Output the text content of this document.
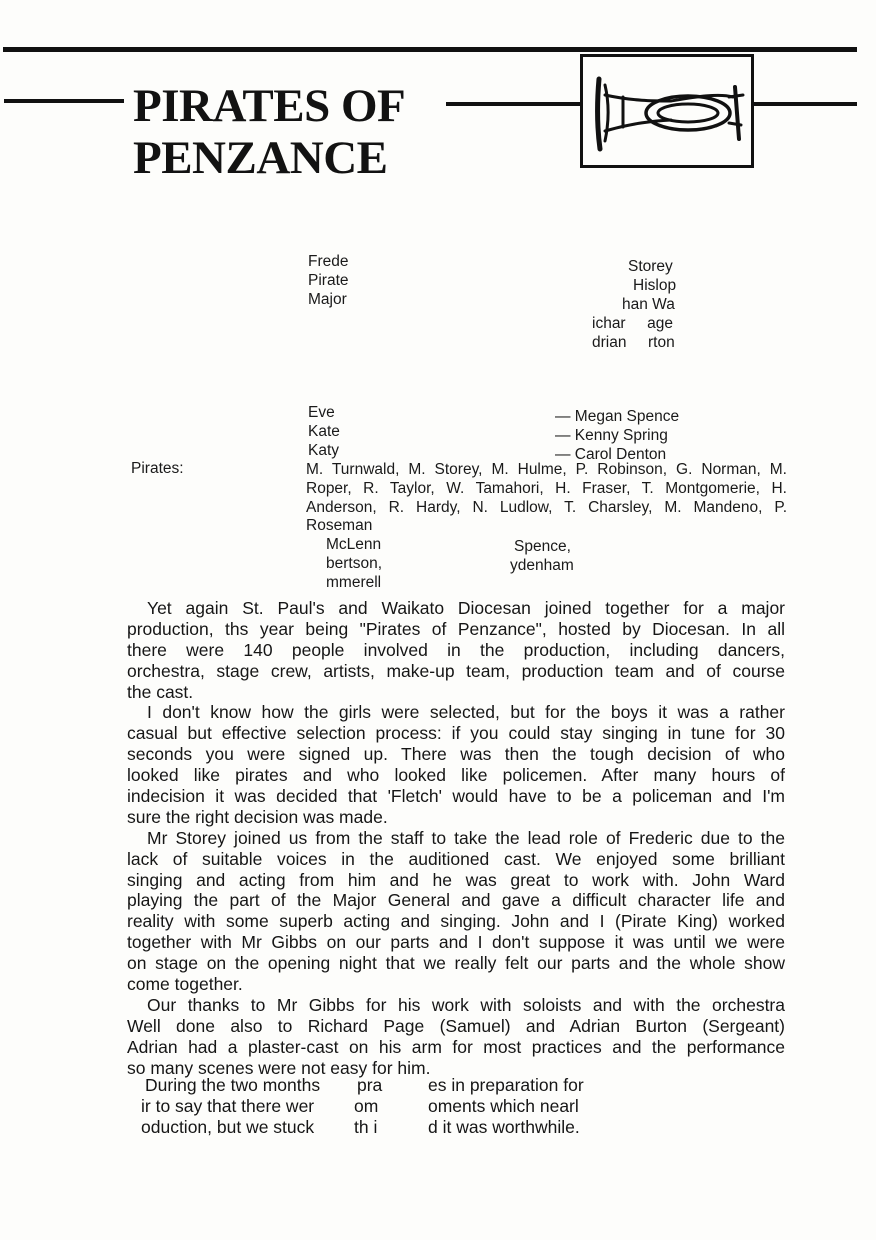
PIRATES OF
PENZANCE
Frede
Pirate
Major
Storey
Hislop
han Wa
ichar     age
drian     rton
Eve
Kate
Katy
— Megan Spence
— Kenny Spring
— Carol Denton
Pirates:	M. Turnwald, M. Storey, M. Hulme, P. Robinson, G. Norman, M.
Roper, R. Taylor, W. Tamahori, H. Fraser, T. Montgomerie, H.
Anderson, R. Hardy, N. Ludlow, T. Charsley, M. Mandeno, P.
Roseman
McLenn
bertson,
mmerell
Spence,
ydenham
Yet again St. Paul's and Waikato Diocesan joined together for a major
production, ths year being "Pirates of Penzance", hosted by Diocesan. In all
there were 140 people involved in the production, including dancers,
orchestra, stage crew, artists, make-up team, production team and of course
the cast.
I don't know how the girls were selected, but for the boys it was a rather
casual but effective selection process: if you could stay singing in tune for 30
seconds you were signed up. There was then the tough decision of who
looked like pirates and who looked like policemen. After many hours of
indecision it was decided that 'Fletch' would have to be a policeman and I'm
sure the right decision was made.
Mr Storey joined us from the staff to take the lead role of Frederic due to the
lack of suitable voices in the auditioned cast. We enjoyed some brilliant
singing and acting from him and he was great to work with. John Ward
playing the part of the Major General and gave a difficult character life and
reality with some superb acting and singing. John and I (Pirate King) worked
together with Mr Gibbs on our parts and I don't suppose it was until we were
on stage on the opening night that we really felt our parts and the whole show
come together.
Our thanks to Mr Gibbs for his work with soloists and with the orchestra
Well done also to Richard Page (Samuel) and Adrian Burton (Sergeant)
Adrian had a plaster-cast on his arm for most practices and the performance
so many scenes were not easy for him.
During the two months
ir to say that there wer
oduction, but we stuck
pra
om
th i
es in preparation for
oments which nearl
d it was worthwhile.
